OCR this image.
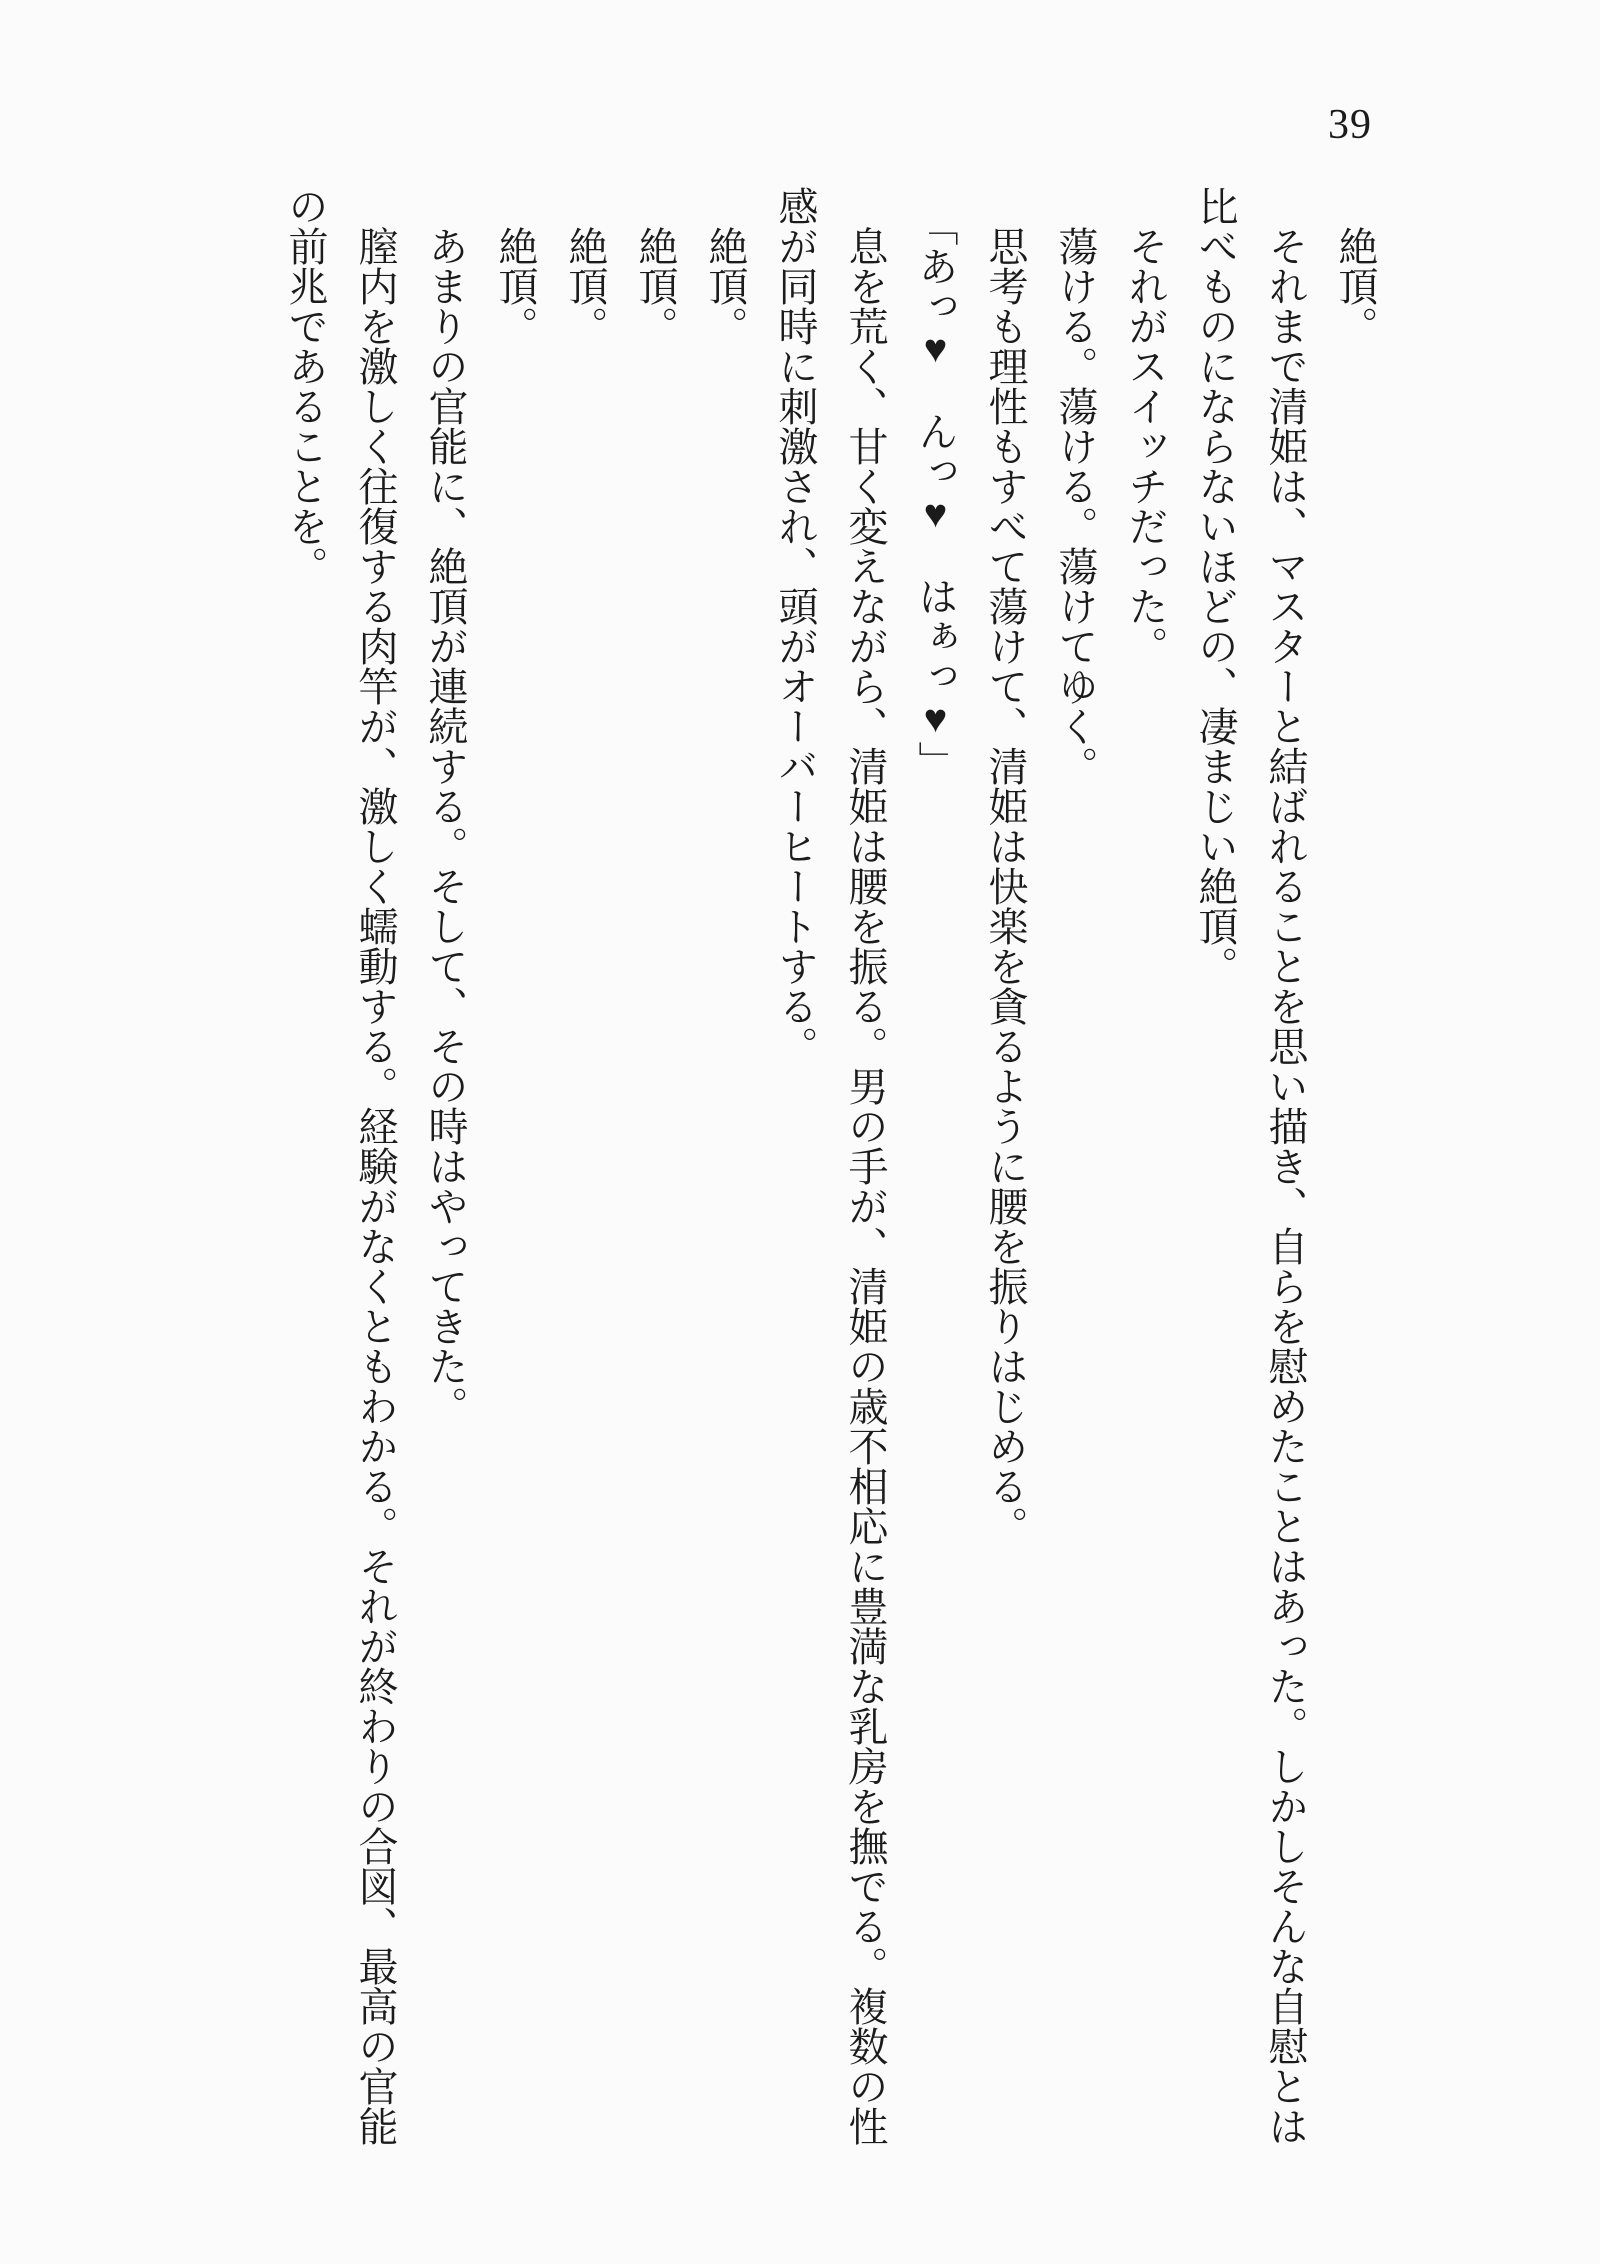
39

絶頂。

それまで清姫は、マスターと結ばれることを思い描き、自らを慰めたことはあった。しかしそんな自慰とは比べものにならないほどの、凄まじい絶頂。

それがスイッチだった。

蕩ける。蕩ける。蕩けてゆく。

思考も理性もすべて蕩けて、清姫は快楽を貪るように腰を振りはじめる。

「あっ♥　んっ♥　はぁっ♥」

息を荒く、甘く変えながら、清姫は腰を振る。男の手が、清姫の歳不相応に豊満な乳房を撫でる。複数の性感が同時に刺激され、頭がオーバーヒートする。

絶頂。

絶頂。

絶頂。

絶頂。

あまりの官能に、絶頂が連続する。そして、その時はやってきた。

膣内を激しく往復する肉竿が、激しく蠕動する。経験がなくともわかる。それが終わりの合図、最高の官能の前兆であることを。
